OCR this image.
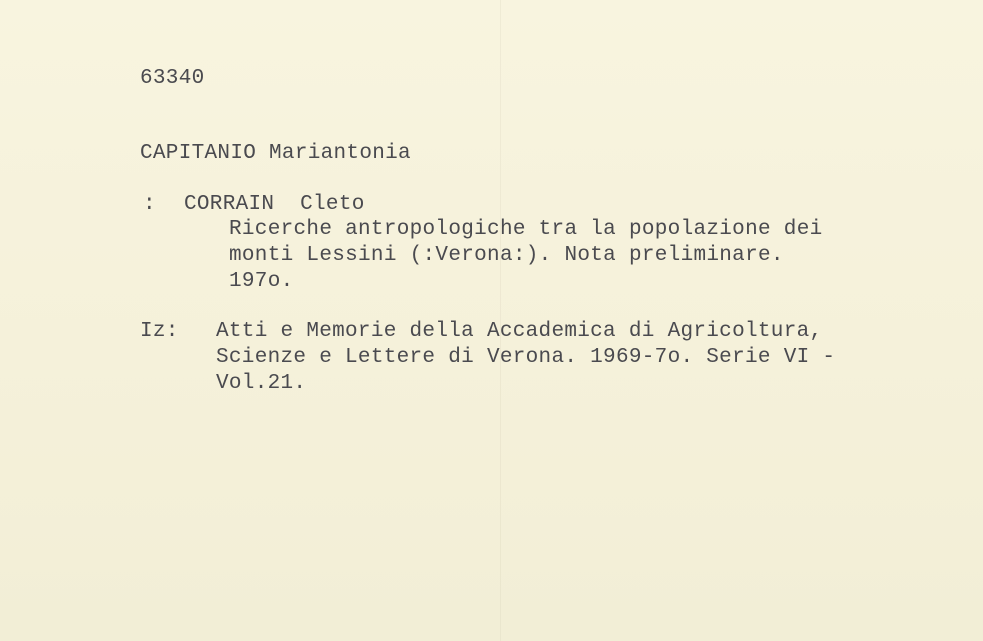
63340
CAPITANIO Mariantonia
: CORRAIN  Cleto
Ricerche antropologiche tra la popolazione dei
monti Lessini (:Verona:). Nota preliminare.
197o.
Iz: Atti e Memorie della Accademica di Agricoltura,
Scienze e Lettere di Verona. 1969-7o. Serie VI -
Vol.21.
